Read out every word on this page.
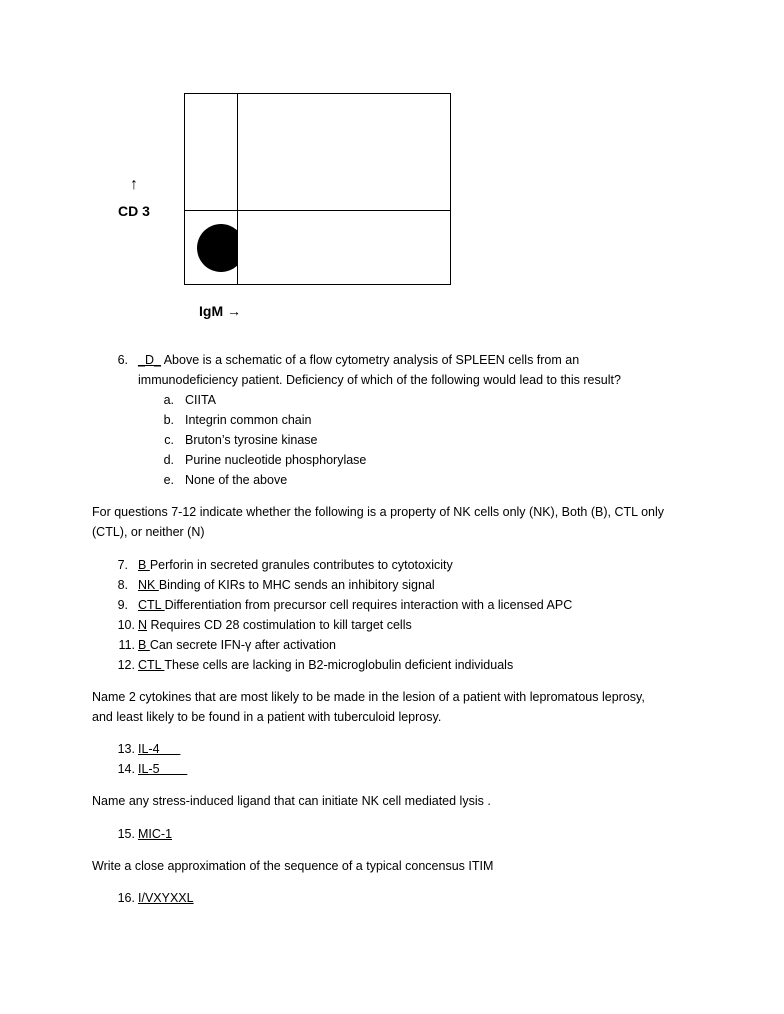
↑
CD 3
IgM →
6. _D_ Above is a schematic of a flow cytometry analysis of SPLEEN cells from an
immunodeficiency patient. Deficiency of which of the following would lead to this result?
a. CIITA
b. Integrin common chain
c. Bruton’s tyrosine kinase
d. Purine nucleotide phosphorylase
e. None of the above
For questions 7-12 indicate whether the following is a property of NK cells only (NK), Both (B), CTL only
(CTL), or neither (N)
7. B Perforin in secreted granules contributes to cytotoxicity
8. NK Binding of KIRs to MHC sends an inhibitory signal
9. CTL Differentiation from precursor cell requires interaction with a licensed APC
10. N Requires CD 28 costimulation to kill target cells
11. B Can secrete IFN-γ after activation
12. CTL These cells are lacking in B2-microglobulin deficient individuals
Name 2 cytokines that are most likely to be made in the lesion of a patient with lepromatous leprosy,
and least likely to be found in a patient with tuberculoid leprosy.
13. IL-4
14. IL-5
Name any stress-induced ligand that can initiate NK cell mediated lysis .
15. MIC-1
Write a close approximation of the sequence of a typical concensus ITIM
16. I/VXYXXL
